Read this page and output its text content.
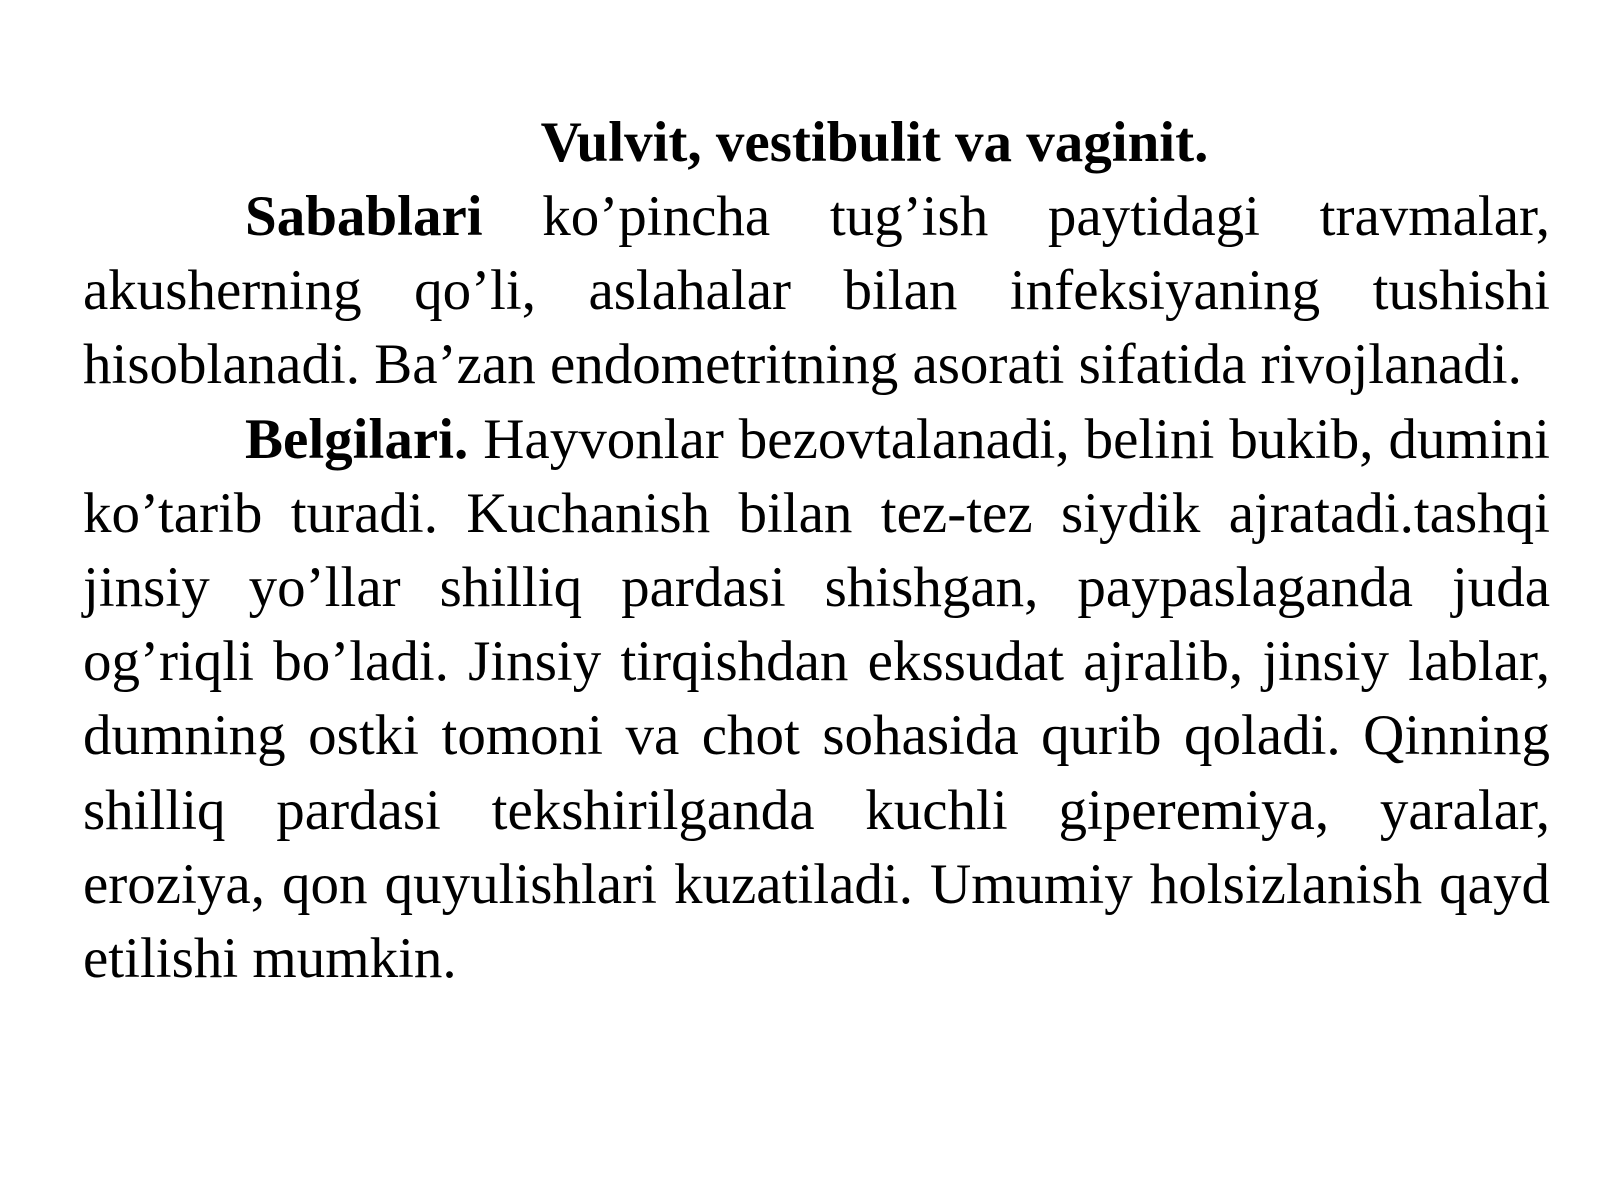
Vulvit, vestibulit va vaginit.

Sabablari ko’pincha tug’ish paytidagi travmalar, akusherning qo’li, aslahalar bilan infeksiyaning tushishi hisoblanadi. Ba’zan endometritning asorati sifatida rivojlanadi.

Belgilari. Hayvonlar bezovtalanadi, belini bukib, dumini ko’tarib turadi. Kuchanish bilan tez-tez siydik ajratadi.tashqi jinsiy yo’llar shilliq pardasi shishgan, paypaslaganda juda og’riqli bo’ladi. Jinsiy tirqishdan ekssudat ajralib, jinsiy lablar, dumning ostki tomoni va chot sohasida qurib qoladi. Qinning shilliq pardasi tekshirilganda kuchli giperemiya, yaralar, eroziya, qon quyulishlari kuzatiladi. Umumiy holsizlanish qayd etilishi mumkin.
